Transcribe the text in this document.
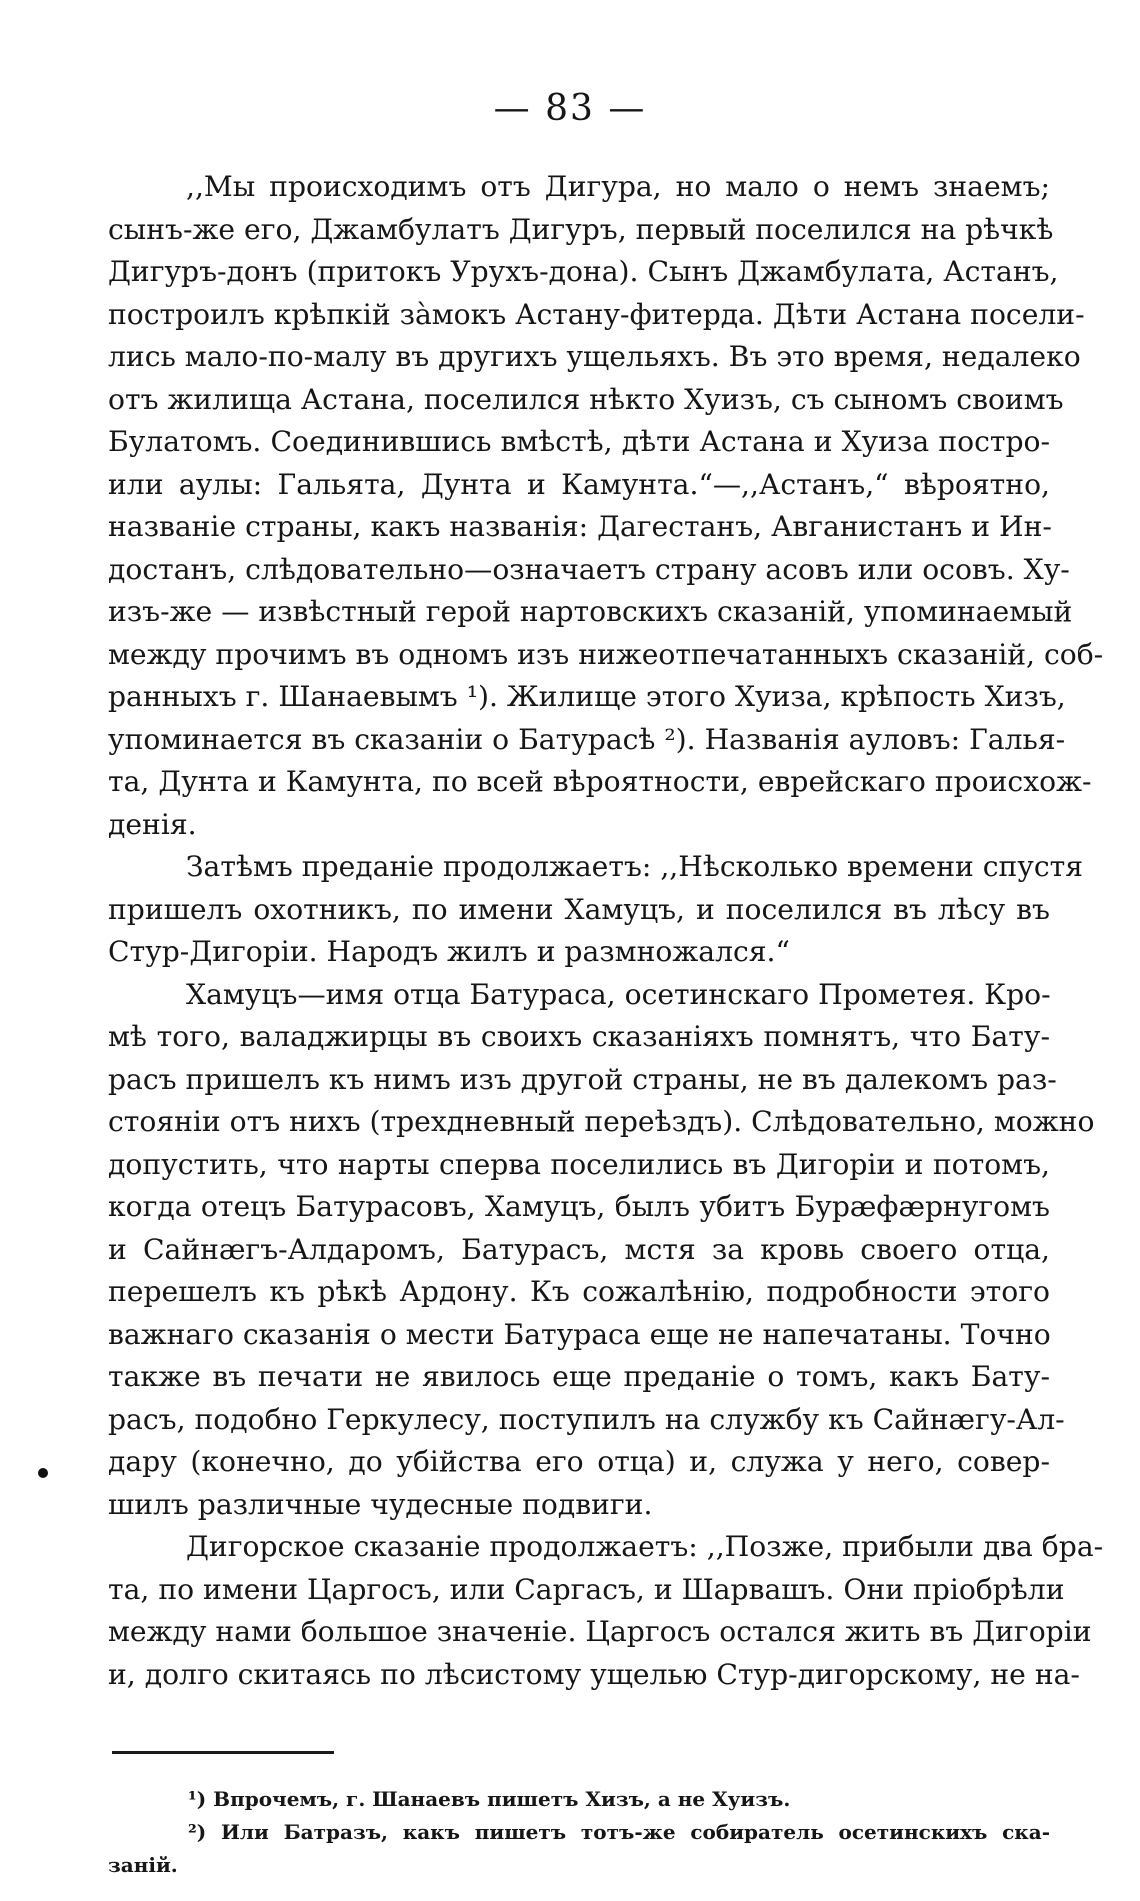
— 83 —
,,Мы происходимъ отъ Дигура, но мало о немъ знаемъ;
сынъ-же его, Джамбулатъ Дигуръ, первый поселился на рѣчкѣ
Дигуръ-донъ (притокъ Урухъ-дона). Сынъ Джамбулата, Астанъ,
построилъ крѣпкій зàмокъ Астану-фитерда. Дѣти Астана посели-
лись мало-по-малу въ другихъ ущельяхъ. Въ это время, недалеко
отъ жилища Астана, поселился нѣкто Хуизъ, съ сыномъ своимъ
Булатомъ. Соединившись вмѣстѣ, дѣти Астана и Хуиза постро-
или аулы: Гальята, Дунта и Камунта.“—,,Астанъ,“ вѣроятно,
названіе страны, какъ названія: Дагестанъ, Авганистанъ и Ин-
достанъ, слѣдовательно—означаетъ страну асовъ или осовъ. Ху-
изъ-же — извѣстный герой нартовскихъ сказаній, упоминаемый
между прочимъ въ одномъ изъ нижеотпечатанныхъ сказаній, соб-
ранныхъ г. Шанаевымъ ¹). Жилище этого Хуиза, крѣпость Хизъ,
упоминается въ сказаніи о Батурасѣ ²). Названія ауловъ: Галья-
та, Дунта и Камунта, по всей вѣроятности, еврейскаго происхож-
денія.
Затѣмъ преданіе продолжаетъ: ,,Нѣсколько времени спустя
пришелъ охотникъ, по имени Хамуцъ, и поселился въ лѣсу въ
Стур-Дигоріи. Народъ жилъ и размножался.“
Хамуцъ—имя отца Батураса, осетинскаго Прометея. Кро-
мѣ того, валаджирцы въ своихъ сказаніяхъ помнятъ, что Бату-
расъ пришелъ къ нимъ изъ другой страны, не въ далекомъ раз-
стояніи отъ нихъ (трехдневный переѣздъ). Слѣдовательно, можно
допустить, что нарты сперва поселились въ Дигоріи и потомъ,
когда отецъ Батурасовъ, Хамуцъ, былъ убитъ Бурæфæрнугомъ
и Сайнæгъ-Алдаромъ, Батурасъ, мстя за кровь своего отца,
перешелъ къ рѣкѣ Ардону. Къ сожалѣнію, подробности этого
важнаго сказанія о мести Батураса еще не напечатаны. Точно
также въ печати не явилось еще преданіе о томъ, какъ Бату-
расъ, подобно Геркулесу, поступилъ на службу къ Сайнæгу-Ал-
дару (конечно, до убійства его отца) и, служа у него, совер-
шилъ различные чудесные подвиги.
Дигорское сказаніе продолжаетъ: ,,Позже, прибыли два бра-
та, по имени Царгосъ, или Саргасъ, и Шарвашъ. Они пріобрѣли
между нами большое значеніе. Царгосъ остался жить въ Дигоріи
и, долго скитаясь по лѣсистому ущелью Стур-дигорскому, не на-
¹) Впрочемъ, г. Шанаевъ пишетъ Хизъ, а не Хуизъ.
²) Или Батразъ, какъ пишетъ тотъ-же собиратель осетинскихъ ска-
заній.
